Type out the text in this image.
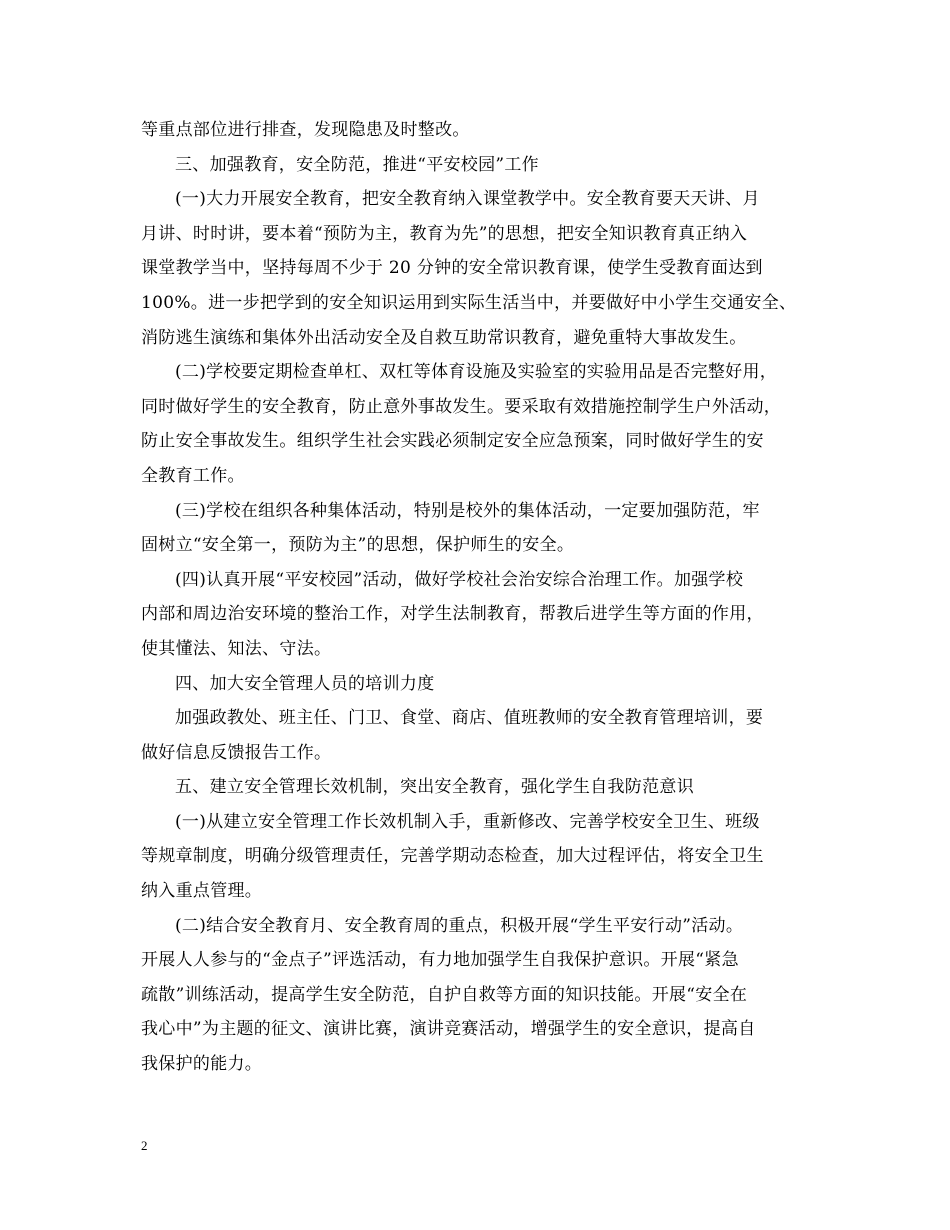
等重点部位进行排查，发现隐患及时整改。
三、加强教育，安全防范，推进“平安校园”工作
(一)大力开展安全教育，把安全教育纳入课堂教学中。安全教育要天天讲、月
月讲、时时讲，要本着“预防为主，教育为先”的思想，把安全知识教育真正纳入
课堂教学当中，坚持每周不少于 20 分钟的安全常识教育课，使学生受教育面达到
100%。进一步把学到的安全知识运用到实际生活当中，并要做好中小学生交通安全、
消防逃生演练和集体外出活动安全及自救互助常识教育，避免重特大事故发生。
(二)学校要定期检查单杠、双杠等体育设施及实验室的实验用品是否完整好用，
同时做好学生的安全教育，防止意外事故发生。要采取有效措施控制学生户外活动，
防止安全事故发生。组织学生社会实践必须制定安全应急预案，同时做好学生的安
全教育工作。
(三)学校在组织各种集体活动，特别是校外的集体活动，一定要加强防范，牢
固树立“安全第一，预防为主”的思想，保护师生的安全。
(四)认真开展“平安校园”活动，做好学校社会治安综合治理工作。加强学校
内部和周边治安环境的整治工作，对学生法制教育，帮教后进学生等方面的作用，
使其懂法、知法、守法。
四、加大安全管理人员的培训力度
加强政教处、班主任、门卫、食堂、商店、值班教师的安全教育管理培训，要
做好信息反馈报告工作。
五、建立安全管理长效机制，突出安全教育，强化学生自我防范意识
(一)从建立安全管理工作长效机制入手，重新修改、完善学校安全卫生、班级
等规章制度，明确分级管理责任，完善学期动态检查，加大过程评估，将安全卫生
纳入重点管理。
(二)结合安全教育月、安全教育周的重点，积极开展“学生平安行动”活动。
开展人人参与的“金点子”评选活动，有力地加强学生自我保护意识。开展“紧急
疏散”训练活动，提高学生安全防范，自护自救等方面的知识技能。开展“安全在
我心中”为主题的征文、演讲比赛，演讲竞赛活动，增强学生的安全意识，提高自
我保护的能力。
2
